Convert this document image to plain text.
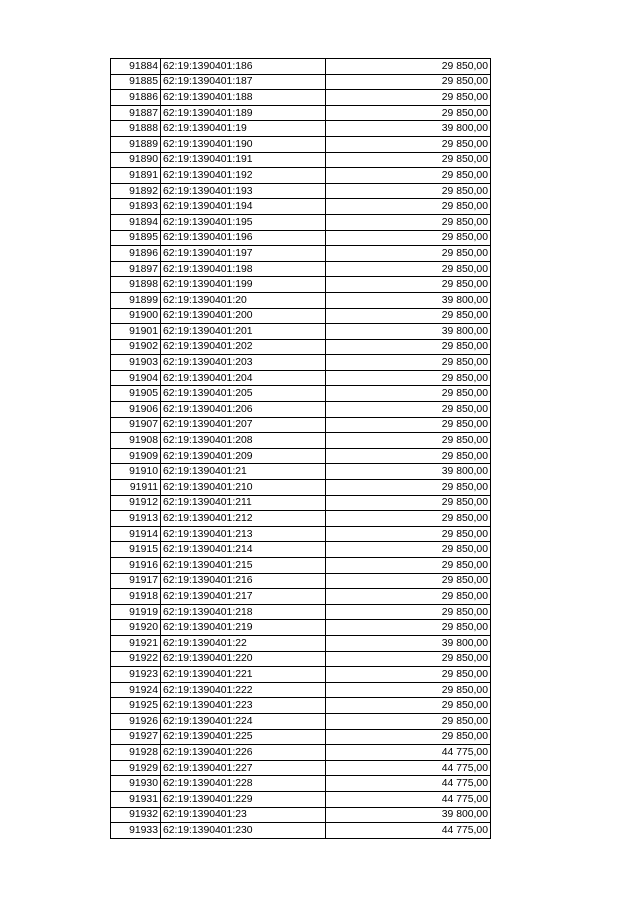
91884	62:19:1390401:186	29 850,00
91885	62:19:1390401:187	29 850,00
91886	62:19:1390401:188	29 850,00
91887	62:19:1390401:189	29 850,00
91888	62:19:1390401:19	39 800,00
91889	62:19:1390401:190	29 850,00
91890	62:19:1390401:191	29 850,00
91891	62:19:1390401:192	29 850,00
91892	62:19:1390401:193	29 850,00
91893	62:19:1390401:194	29 850,00
91894	62:19:1390401:195	29 850,00
91895	62:19:1390401:196	29 850,00
91896	62:19:1390401:197	29 850,00
91897	62:19:1390401:198	29 850,00
91898	62:19:1390401:199	29 850,00
91899	62:19:1390401:20	39 800,00
91900	62:19:1390401:200	29 850,00
91901	62:19:1390401:201	39 800,00
91902	62:19:1390401:202	29 850,00
91903	62:19:1390401:203	29 850,00
91904	62:19:1390401:204	29 850,00
91905	62:19:1390401:205	29 850,00
91906	62:19:1390401:206	29 850,00
91907	62:19:1390401:207	29 850,00
91908	62:19:1390401:208	29 850,00
91909	62:19:1390401:209	29 850,00
91910	62:19:1390401:21	39 800,00
91911	62:19:1390401:210	29 850,00
91912	62:19:1390401:211	29 850,00
91913	62:19:1390401:212	29 850,00
91914	62:19:1390401:213	29 850,00
91915	62:19:1390401:214	29 850,00
91916	62:19:1390401:215	29 850,00
91917	62:19:1390401:216	29 850,00
91918	62:19:1390401:217	29 850,00
91919	62:19:1390401:218	29 850,00
91920	62:19:1390401:219	29 850,00
91921	62:19:1390401:22	39 800,00
91922	62:19:1390401:220	29 850,00
91923	62:19:1390401:221	29 850,00
91924	62:19:1390401:222	29 850,00
91925	62:19:1390401:223	29 850,00
91926	62:19:1390401:224	29 850,00
91927	62:19:1390401:225	29 850,00
91928	62:19:1390401:226	44 775,00
91929	62:19:1390401:227	44 775,00
91930	62:19:1390401:228	44 775,00
91931	62:19:1390401:229	44 775,00
91932	62:19:1390401:23	39 800,00
91933	62:19:1390401:230	44 775,00
